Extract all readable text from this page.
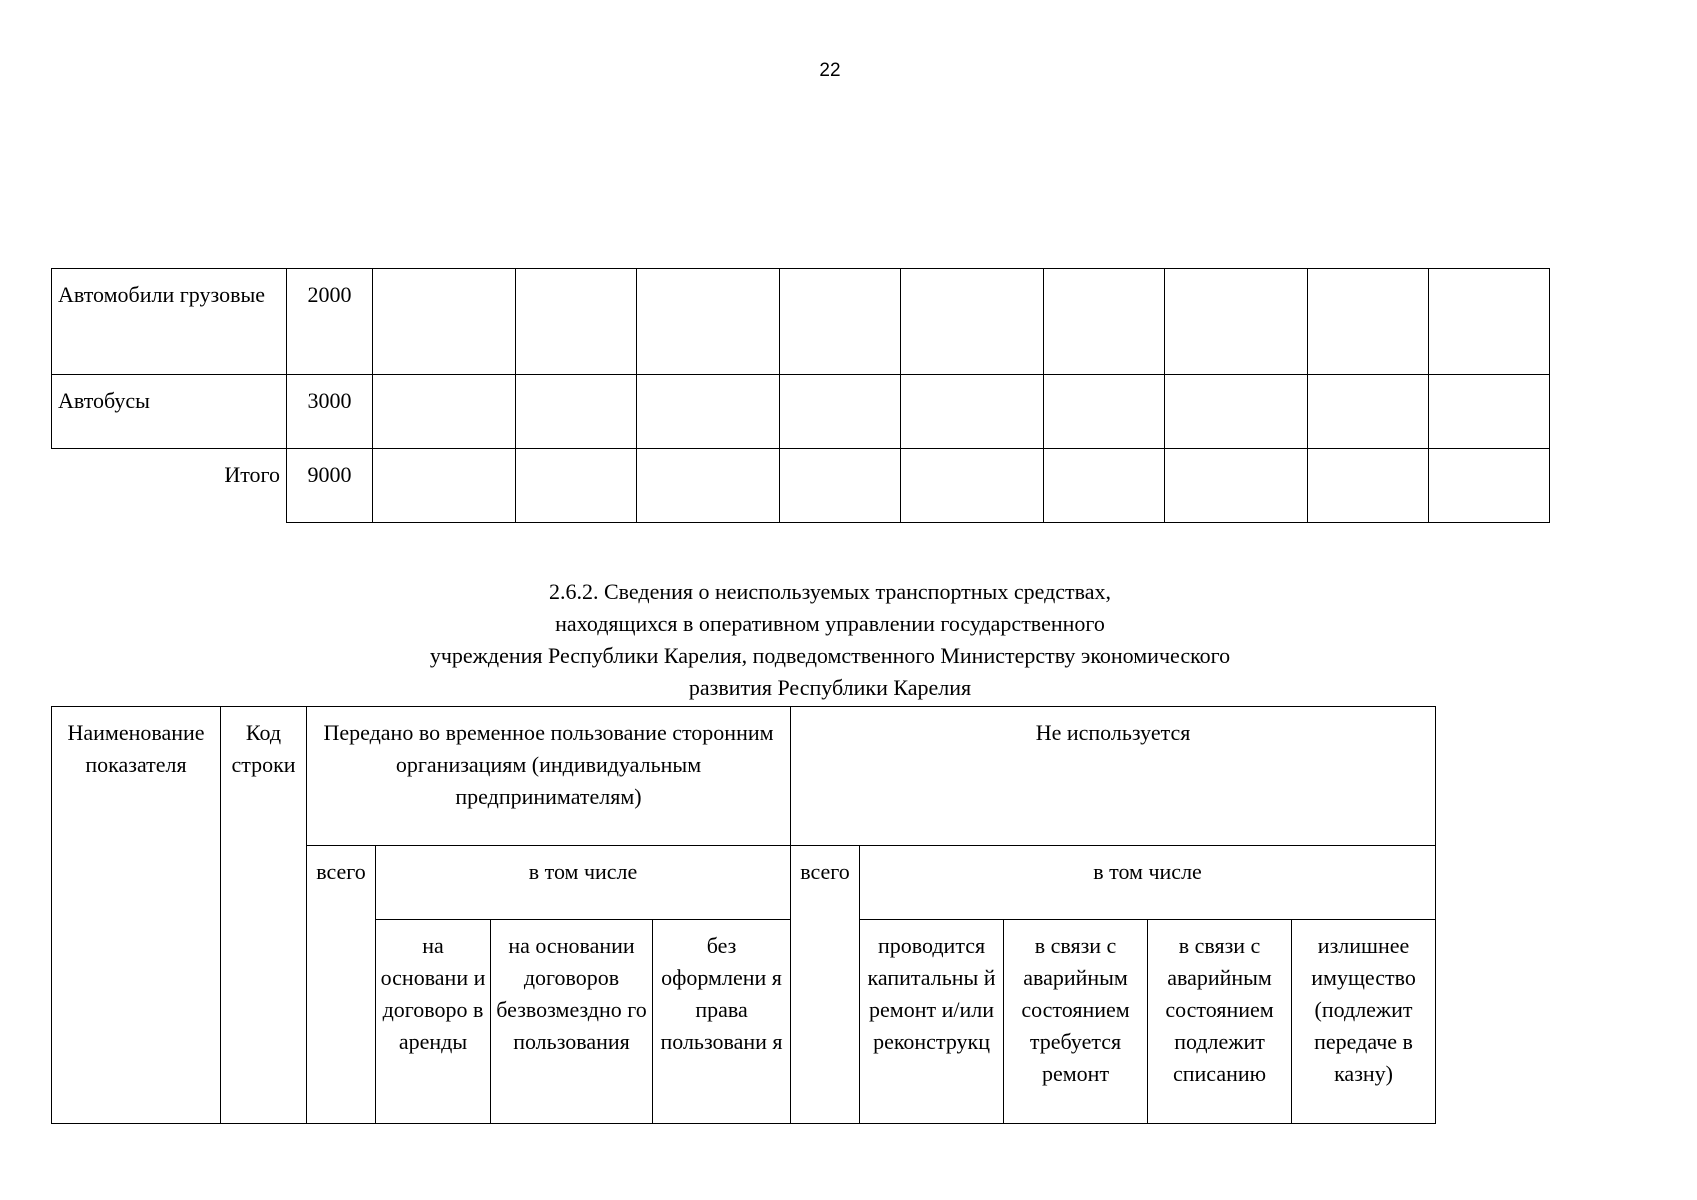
22
Автомобили грузовые	2000									
Автобусы	3000									
Итого	9000									
2.6.2. Сведения о неиспользуемых транспортных средствах,
находящихся в оперативном управлении государственного
учреждения Республики Карелия, подведомственного Министерству экономического
развития Республики Карелия
Наименование показателя	Код строки	Передано во временное пользование сторонним организациям (индивидуальным предпринимателям)				Не используется				
		всего	в том числе			всего	в том числе			
			на основани и договоро в аренды	на основании договоров безвозмездно го пользования	без оформлени я права пользовани я		проводится капитальны й ремонт и/или реконструкц	в связи с аварийным состоянием требуется ремонт	в связи с аварийным состоянием подлежит списанию	излишнее имущество (подлежит передаче в казну)
